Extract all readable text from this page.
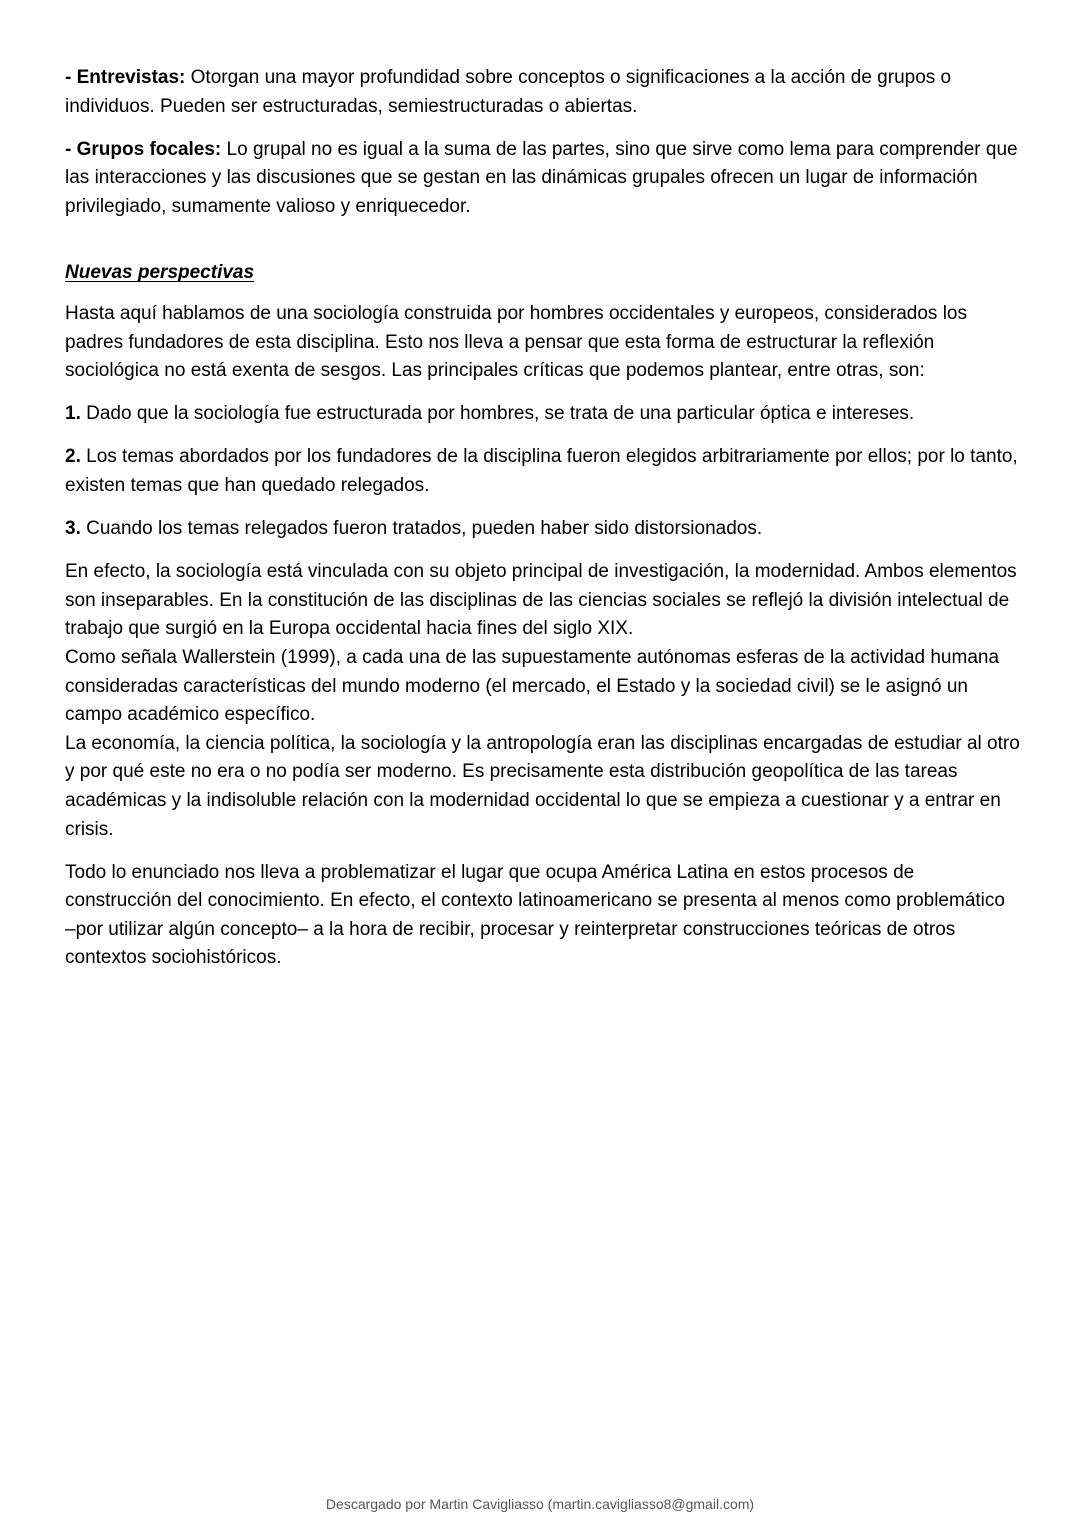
- Entrevistas: Otorgan una mayor profundidad sobre conceptos o significaciones a la acción de grupos o individuos. Pueden ser estructuradas, semiestructuradas o abiertas.

- Grupos focales: Lo grupal no es igual a la suma de las partes, sino que sirve como lema para comprender que las interacciones y las discusiones que se gestan en las dinámicas grupales ofrecen un lugar de información privilegiado, sumamente valioso y enriquecedor.

Nuevas perspectivas

Hasta aquí hablamos de una sociología construida por hombres occidentales y europeos, considerados los padres fundadores de esta disciplina. Esto nos lleva a pensar que esta forma de estructurar la reflexión sociológica no está exenta de sesgos. Las principales críticas que podemos plantear, entre otras, son:

1. Dado que la sociología fue estructurada por hombres, se trata de una particular óptica e intereses.

2. Los temas abordados por los fundadores de la disciplina fueron elegidos arbitrariamente por ellos; por lo tanto, existen temas que han quedado relegados.

3. Cuando los temas relegados fueron tratados, pueden haber sido distorsionados.

En efecto, la sociología está vinculada con su objeto principal de investigación, la modernidad. Ambos elementos son inseparables. En la constitución de las disciplinas de las ciencias sociales se reflejó la división intelectual de trabajo que surgió en la Europa occidental hacia fines del siglo XIX.

Como señala Wallerstein (1999), a cada una de las supuestamente autónomas esferas de la actividad humana consideradas características del mundo moderno (el mercado, el Estado y la sociedad civil) se le asignó un campo académico específico.

La economía, la ciencia política, la sociología y la antropología eran las disciplinas encargadas de estudiar al otro y por qué este no era o no podía ser moderno. Es precisamente esta distribución geopolítica de las tareas académicas y la indisoluble relación con la modernidad occidental lo que se empieza a cuestionar y a entrar en crisis.

Todo lo enunciado nos lleva a problematizar el lugar que ocupa América Latina en estos procesos de construcción del conocimiento. En efecto, el contexto latinoamericano se presenta al menos como problemático –por utilizar algún concepto– a la hora de recibir, procesar y reinterpretar construcciones teóricas de otros contextos sociohistóricos.

Descargado por Martin Cavigliasso (martin.cavigliasso8@gmail.com)
